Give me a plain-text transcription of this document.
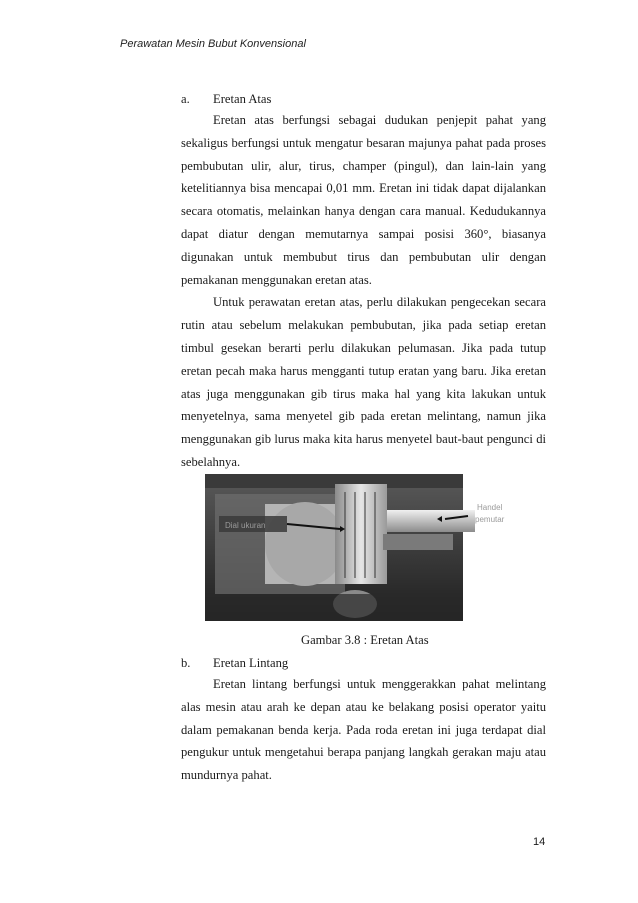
Perawatan Mesin Bubut Konvensional
a. Eretan Atas

Eretan atas berfungsi sebagai dudukan penjepit pahat yang sekaligus berfungsi untuk mengatur besaran majunya pahat pada proses pembubutan ulir, alur, tirus, champer (pingul), dan lain-lain yang ketelitiannya bisa mencapai 0,01 mm. Eretan ini tidak dapat dijalankan secara otomatis, melainkan hanya dengan cara manual. Kedudukannya dapat diatur dengan memutarnya sampai posisi 360°, biasanya digunakan untuk membubut tirus dan pembubutan ulir dengan pemakanan menggunakan eretan atas.

Untuk perawatan eretan atas, perlu dilakukan pengecekan secara rutin atau sebelum melakukan pembubutan, jika pada setiap eretan timbul gesekan berarti perlu dilakukan pelumasan. Jika pada tutup eretan pecah maka harus mengganti tutup eratan yang baru. Jika eretan atas juga menggunakan gib tirus maka hal yang kita lakukan untuk menyetelnya, sama menyetel gib pada eretan melintang, namun jika menggunakan gib lurus maka kita harus menyetel baut-baut pengunci di sebelahnya.

Dial ukuran
Handel
pemutar
Gambar 3.8 : Eretan Atas
b. Eretan Lintang

Eretan lintang berfungsi untuk menggerakkan pahat melintang alas mesin atau arah ke depan atau ke belakang posisi operator yaitu dalam pemakanan benda kerja. Pada roda eretan ini juga terdapat dial pengukur untuk mengetahui berapa panjang langkah gerakan maju atau mundurnya pahat.

14
